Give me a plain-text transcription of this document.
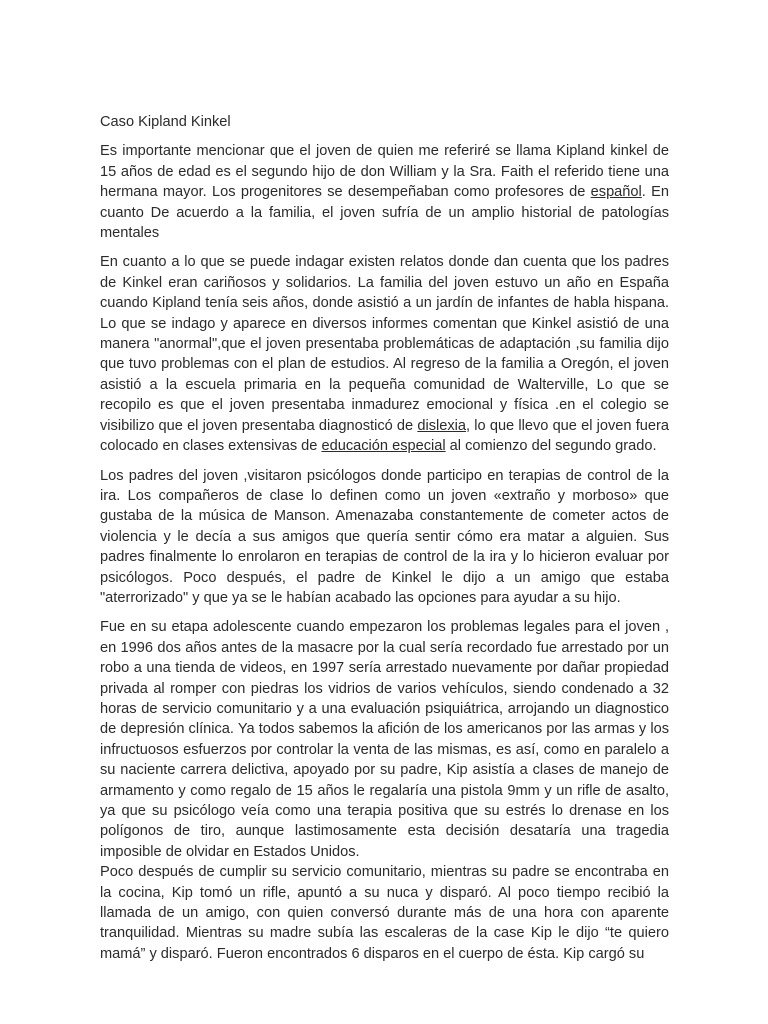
Caso Kipland Kinkel

Es importante mencionar que el joven de quien me referiré se llama Kipland kinkel de 15 años de edad es el segundo hijo de don William y la Sra. Faith el referido tiene una hermana mayor. Los progenitores se desempeñaban como profesores de español. En cuanto De acuerdo a la familia, el joven sufría de un amplio historial de patologías mentales

En cuanto a lo que se puede indagar existen relatos donde dan cuenta que los padres de Kinkel eran cariñosos y solidarios. La familia del joven estuvo un año en España cuando Kipland tenía seis años, donde asistió a un jardín de infantes de habla hispana. Lo que se indago y aparece en diversos informes comentan que Kinkel asistió de una manera "anormal",que el joven presentaba problemáticas de adaptación ,su familia dijo que tuvo problemas con el plan de estudios. Al regreso de la familia a Oregón, el joven asistió a la escuela primaria en la pequeña comunidad de Walterville, Lo que se recopilo es que el joven presentaba inmadurez emocional y física .en el colegio se visibilizo que el joven presentaba diagnosticó de dislexia, lo que llevo que el joven fuera colocado en clases extensivas de educación especial al comienzo del segundo grado.

Los padres del joven ,visitaron psicólogos donde participo en terapias de control de la ira. Los compañeros de clase lo definen como un joven «extraño y morboso» que gustaba de la música de Manson. Amenazaba constantemente de cometer actos de violencia y le decía a sus amigos que quería sentir cómo era matar a alguien. Sus padres finalmente lo enrolaron en terapias de control de la ira y lo hicieron evaluar por psicólogos. Poco después, el padre de Kinkel le dijo a un amigo que estaba "aterrorizado" y que ya se le habían acabado las opciones para ayudar a su hijo.

Fue en su etapa adolescente cuando empezaron los problemas legales para el joven , en 1996 dos años antes de la masacre por la cual sería recordado fue arrestado por un robo a una tienda de videos, en 1997 sería arrestado nuevamente por dañar propiedad privada al romper con piedras los vidrios de varios vehículos, siendo condenado a 32 horas de servicio comunitario y a una evaluación psiquiátrica, arrojando un diagnostico de depresión clínica. Ya todos sabemos la afición de los americanos por las armas y los infructuosos esfuerzos por controlar la venta de las mismas, es así, como en paralelo a su naciente carrera delictiva, apoyado por su padre, Kip asistía a clases de manejo de armamento y como regalo de 15 años le regalaría una pistola 9mm y un rifle de asalto, ya que su psicólogo veía como una terapia positiva que su estrés lo drenase en los polígonos de tiro, aunque lastimosamente esta decisión desataría una tragedia imposible de olvidar en Estados Unidos.

Poco después de cumplir su servicio comunitario, mientras su padre se encontraba en la cocina, Kip tomó un rifle, apuntó a su nuca y disparó. Al poco tiempo recibió la llamada de un amigo, con quien conversó durante más de una hora con aparente tranquilidad. Mientras su madre subía las escaleras de la case Kip le dijo “te quiero mamá” y disparó. Fueron encontrados 6 disparos en el cuerpo de ésta. Kip cargó su
